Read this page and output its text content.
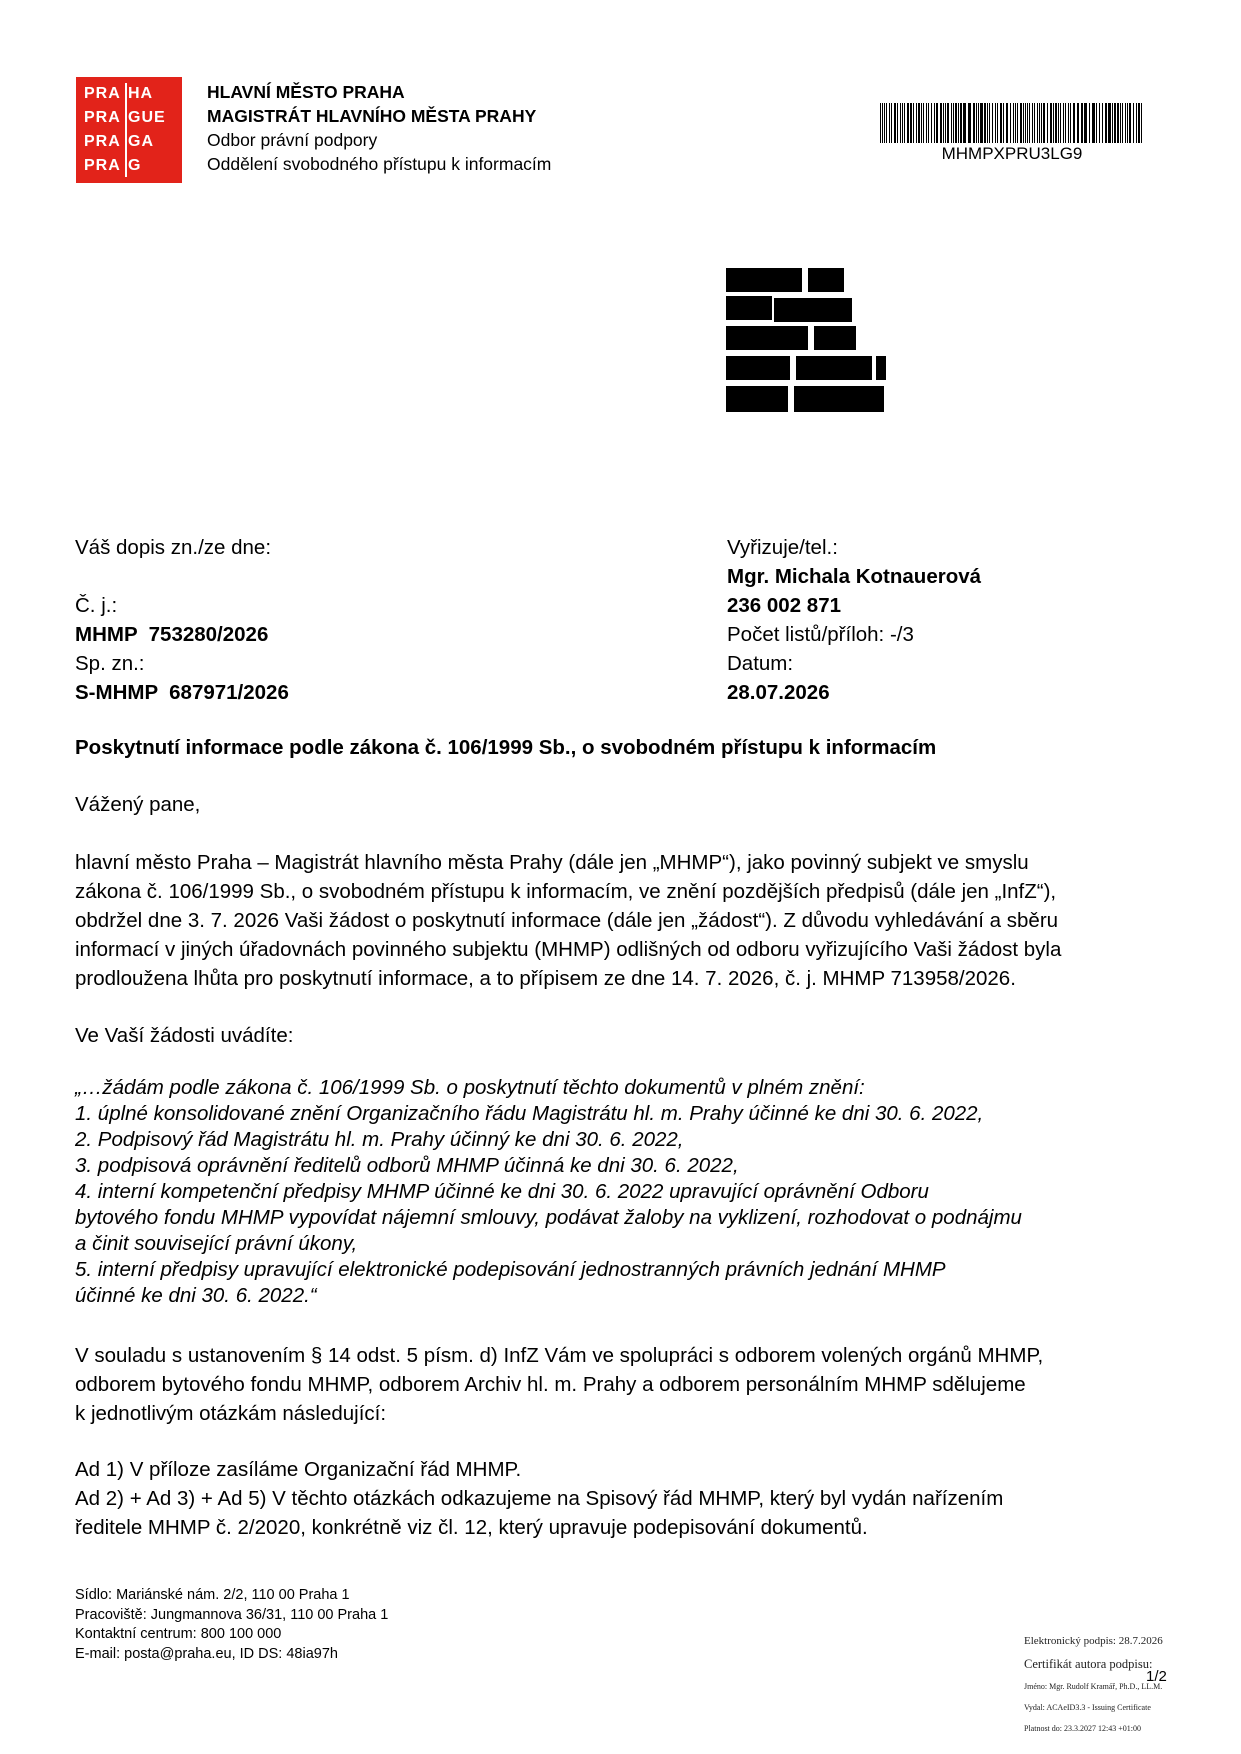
PRA HA
PRA GUE
PRA GA
PRA G
HLAVNÍ MĚSTO PRAHA
MAGISTRÁT HLAVNÍHO MĚSTA PRAHY
Odbor právní podpory
Oddělení svobodného přístupu k informacím
MHMPXPRU3LG9
Váš dopis zn./ze dne:

Č. j.:
MHMP  753280/2026
Sp. zn.:
S-MHMP  687971/2026
Vyřizuje/tel.:
Mgr. Michala Kotnauerová
236 002 871
Počet listů/příloh: -/3
Datum:
28.07.2026
Poskytnutí informace podle zákona č. 106/1999 Sb., o svobodném přístupu k informacím
Vážený pane,
hlavní město Praha – Magistrát hlavního města Prahy (dále jen „MHMP“), jako povinný subjekt ve smyslu
zákona č. 106/1999 Sb., o svobodném přístupu k informacím, ve znění pozdějších předpisů (dále jen „InfZ“),
obdržel dne 3. 7. 2026 Vaši žádost o poskytnutí informace (dále jen „žádost“). Z důvodu vyhledávání a sběru
informací v jiných úřadovnách povinného subjektu (MHMP) odlišných od odboru vyřizujícího Vaši žádost byla
prodloužena lhůta pro poskytnutí informace, a to přípisem ze dne 14. 7. 2026, č. j. MHMP 713958/2026.
Ve Vaší žádosti uvádíte:
„…žádám podle zákona č. 106/1999 Sb. o poskytnutí těchto dokumentů v plném znění:
1. úplné konsolidované znění Organizačního řádu Magistrátu hl. m. Prahy účinné ke dni 30. 6. 2022,
2. Podpisový řád Magistrátu hl. m. Prahy účinný ke dni 30. 6. 2022,
3. podpisová oprávnění ředitelů odborů MHMP účinná ke dni 30. 6. 2022,
4. interní kompetenční předpisy MHMP účinné ke dni 30. 6. 2022 upravující oprávnění Odboru
bytového fondu MHMP vypovídat nájemní smlouvy, podávat žaloby na vyklizení, rozhodovat o podnájmu
a činit související právní úkony,
5. interní předpisy upravující elektronické podepisování jednostranných právních jednání MHMP
účinné ke dni 30. 6. 2022.“
V souladu s ustanovením § 14 odst. 5 písm. d) InfZ Vám ve spolupráci s odborem volených orgánů MHMP,
odborem bytového fondu MHMP, odborem Archiv hl. m. Prahy a odborem personálním MHMP sdělujeme
k jednotlivým otázkám následující:
Ad 1) V příloze zasíláme Organizační řád MHMP.
Ad 2) + Ad 3) + Ad 5) V těchto otázkách odkazujeme na Spisový řád MHMP, který byl vydán nařízením
ředitele MHMP č. 2/2020, konkrétně viz čl. 12, který upravuje podepisování dokumentů.
Sídlo: Mariánské nám. 2/2, 110 00 Praha 1
Pracoviště: Jungmannova 36/31, 110 00 Praha 1
Kontaktní centrum: 800 100 000
E-mail: posta@praha.eu, ID DS: 48ia97h
Elektronický podpis: 28.7.2026
Certifikát autora podpisu:
Jméno: Mgr. Rudolf Kramář, Ph.D., LL.M.
Vydal: ACAeID3.3 - Issuing Certificate
Platnost do: 23.3.2027 12:43 +01:00
1/2
